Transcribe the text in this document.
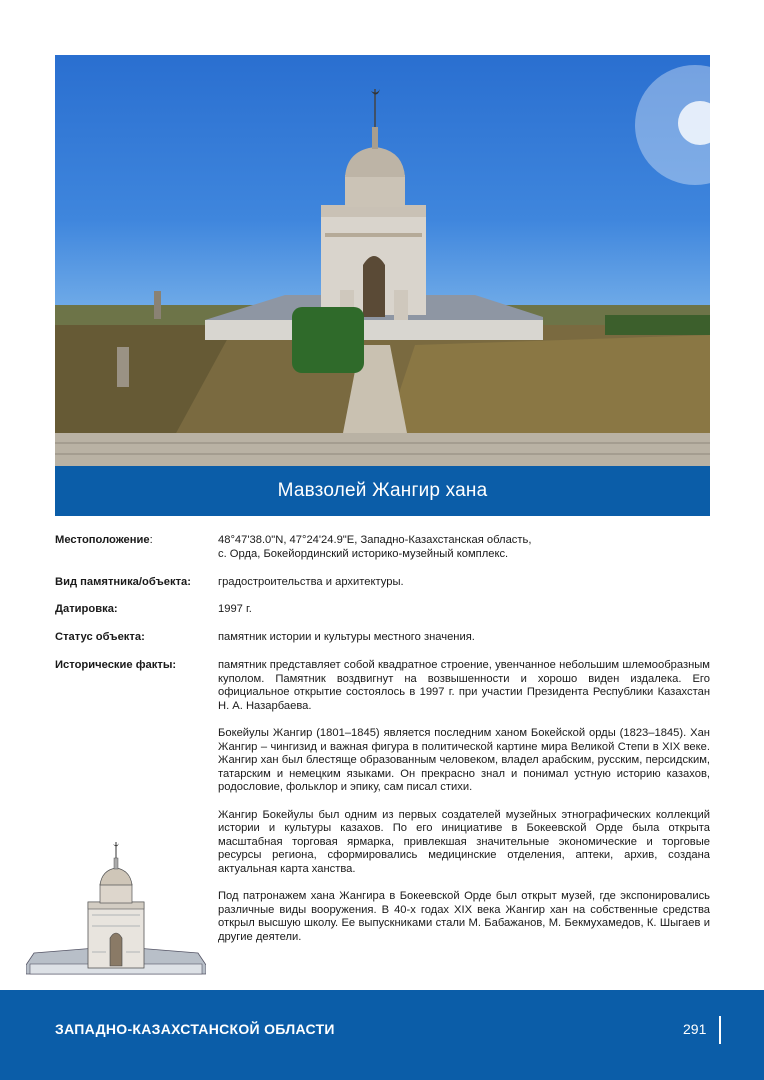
Мавзолей Жангир хана
Местоположение:	48°47'38.0"N, 47°24'24.9"E, Западно-Казахстанская область,
с. Орда, Бокейординский историко-музейный комплекс.
Вид памятника/объекта:	градостроительства и архитектуры.
Датировка:	1997 г.
Статус объекта:	памятник истории и культуры местного значения.
Исторические факты:	памятник представляет собой квадратное строение, увенчанное небольшим шлемообразным куполом. Памятник воздвигнут на возвышенности и хорошо виден издалека. Его официальное открытие состоялось в 1997 г. при участии Президента Республики Казахстан Н. А. Назарбаева.

Бокейулы Жангир (1801–1845) является последним ханом Бокейской орды (1823–1845). Хан Жангир – чингизид и важная фигура в политической картине мира Великой Степи в XIX веке. Жангир хан был блестяще образованным человеком, владел арабским, русским, персидским, татарским и немецким языками. Он прекрасно знал и понимал устную историю казахов, родословие, фольклор и эпику, сам писал стихи.

Жангир Бокейулы был одним из первых создателей музейных этнографических коллекций истории и культуры казахов. По его инициативе в Бокеевской Орде была открыта масштабная торговая ярмарка, привлекшая значительные экономические и торговые ресурсы региона, сформировались медицинские отделения, аптеки, архив, создана актуальная карта ханства.

Под патронажем хана Жангира в Бокеевской Орде был открыт музей, где экспонировались различные виды вооружения. В 40-х годах XIX века Жангир хан на собственные средства открыл высшую школу. Ее выпускниками стали М. Бабажанов, М. Бекмухамедов, К. Шыгаев и другие деятели.

ЗАПАДНО-КАЗАХСТАНСКОЙ ОБЛАСТИ	291
